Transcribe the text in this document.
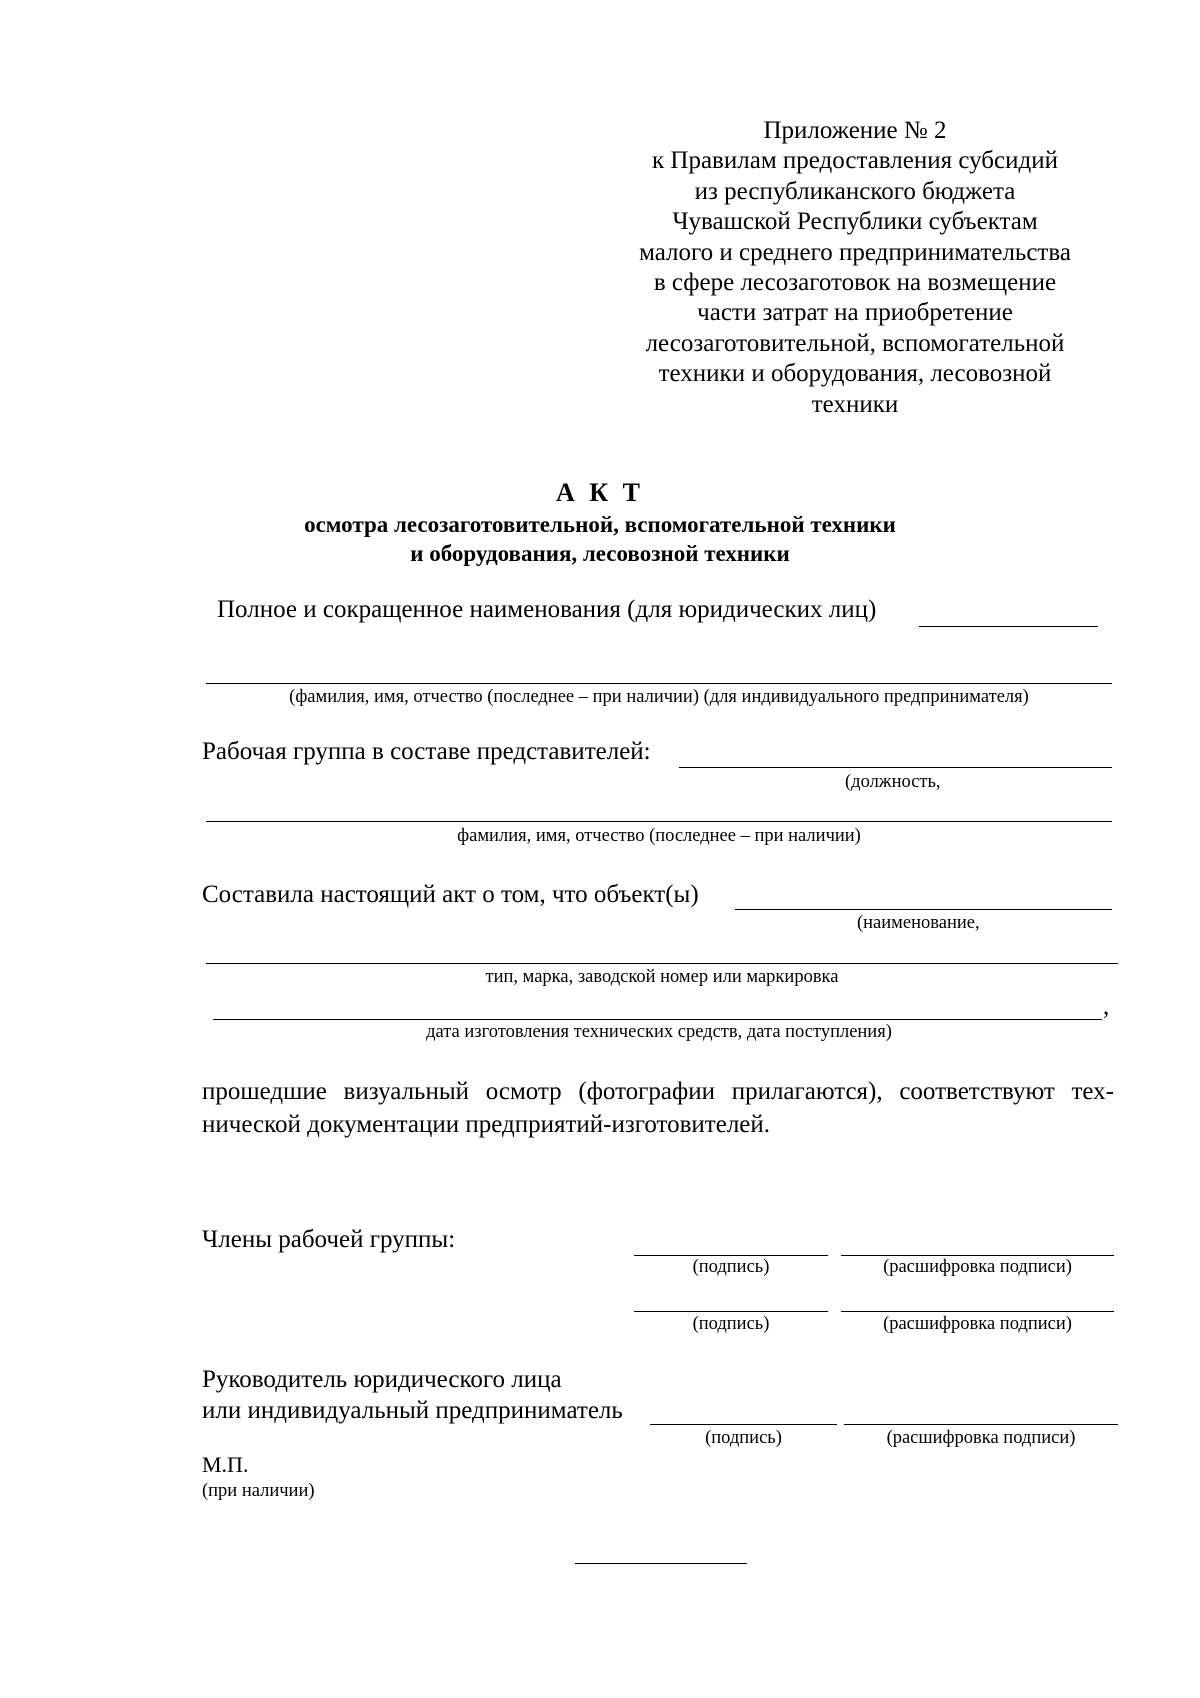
Приложение № 2
к Правилам предоставления субсидий
из республиканского бюджета
Чувашской Республики субъектам
малого и среднего предпринимательства
в сфере лесозаготовок на возмещение
части затрат на приобретение
лесозаготовительной, вспомогательной
техники и оборудования, лесовозной
техники
А К Т
осмотра лесозаготовительной, вспомогательной техники
и оборудования, лесовозной техники
Полное и сокращенное наименования (для юридических лиц)
(фамилия, имя, отчество (последнее – при наличии) (для индивидуального предпринимателя)
Рабочая группа в составе представителей:
(должность,
фамилия, имя, отчество (последнее – при наличии)
Составила настоящий акт о том, что объект(ы)
(наименование,
тип, марка, заводской номер или маркировка
,
дата изготовления технических средств, дата поступления)
прошедшие визуальный осмотр (фотографии прилагаются), соответствуют тех-
нической документации предприятий-изготовителей.
Члены рабочей группы:
(подпись)	(расшифровка подписи)
(подпись)	(расшифровка подписи)
Руководитель юридического лица
или индивидуальный предприниматель
(подпись)	(расшифровка подписи)
М.П.
(при наличии)
